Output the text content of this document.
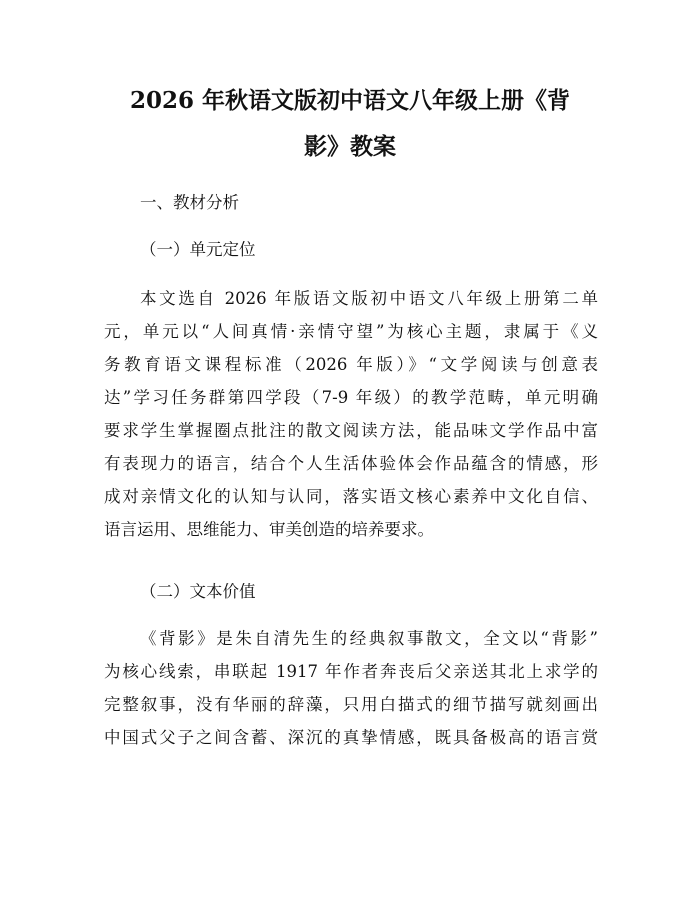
2026 年秋语文版初中语文八年级上册《背
影》教案

一、教材分析

（一）单元定位

本文选自 2026 年版语文版初中语文八年级上册第二单

元，单元以“人间真情·亲情守望”为核心主题，隶属于《义

务教育语文课程标准（2026 年版）》“文学阅读与创意表

达”学习任务群第四学段（7-9 年级）的教学范畴，单元明确

要求学生掌握圈点批注的散文阅读方法，能品味文学作品中富

有表现力的语言，结合个人生活体验体会作品蕴含的情感，形

成对亲情文化的认知与认同，落实语文核心素养中文化自信、

语言运用、思维能力、审美创造的培养要求。

（二）文本价值

《背影》是朱自清先生的经典叙事散文，全文以“背影”

为核心线索，串联起 1917 年作者奔丧后父亲送其北上求学的

完整叙事，没有华丽的辞藻，只用白描式的细节描写就刻画出

中国式父子之间含蓄、深沉的真挚情感，既具备极高的语言赏
